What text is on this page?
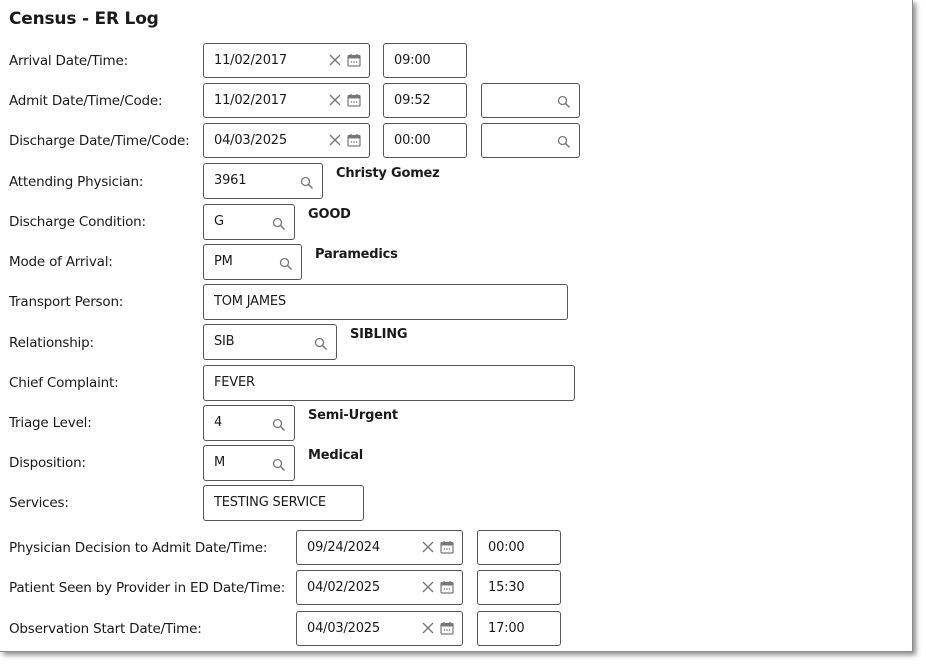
Census - ER Log
Arrival Date/Time:	11/02/2017	09:00
Admit Date/Time/Code:	11/02/2017	09:52
Discharge Date/Time/Code: 04/03/2025	00:00
Attending Physician:	3961	Christy Gomez
Discharge Condition:	G	GOOD
Mode of Arrival:	PM	Paramedics
Transport Person:	TOM JAMES
Relationship:	SIB	SIBLING
Chief Complaint:	FEVER
Triage Level:	4	Semi-Urgent
Disposition:	M	Medical
Services:	TESTING SERVICE
Physician Decision to Admit Date/Time:	09/24/2024	00:00
Patient Seen by Provider in ED Date/Time: 04/02/2025	15:30
Observation Start Date/Time:	04/03/2025	17:00
